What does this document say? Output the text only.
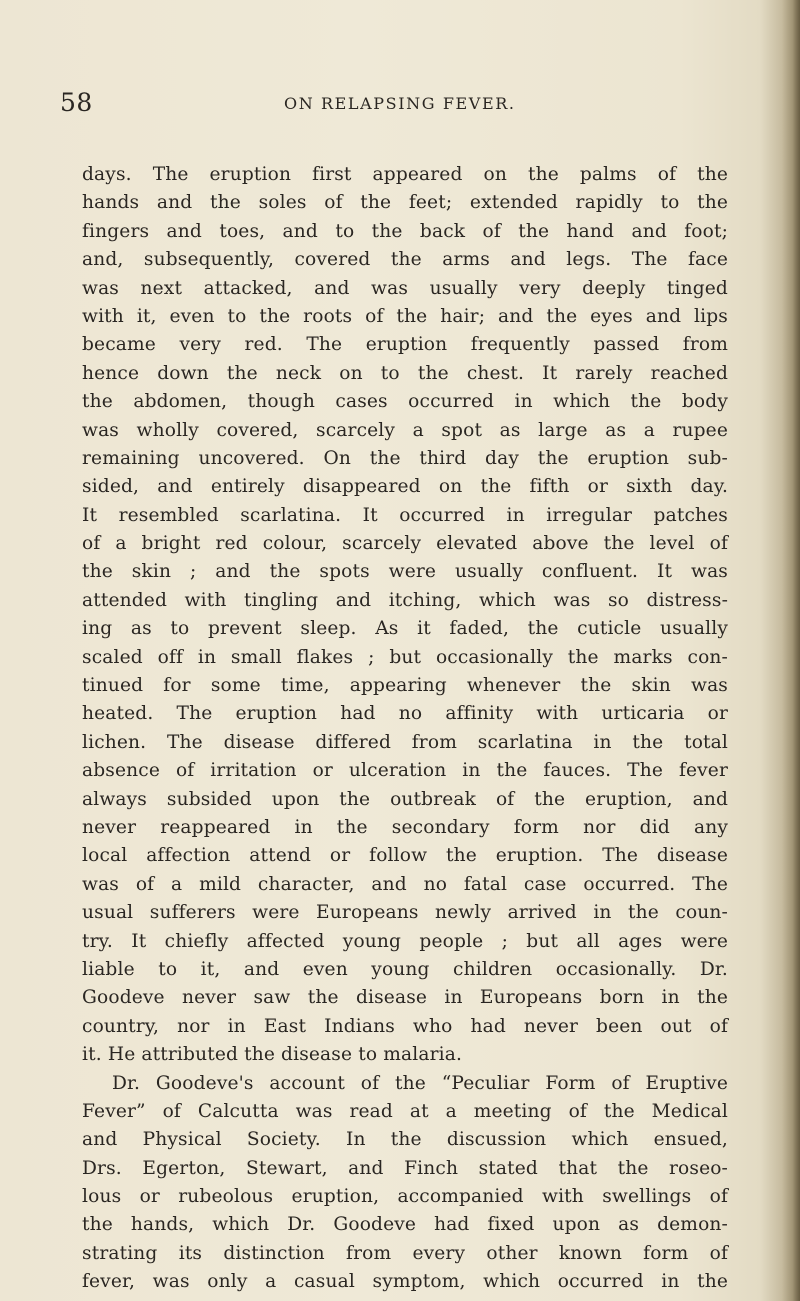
58	ON RELAPSING FEVER.
days. The eruption first appeared on the palms of the
hands and the soles of the feet; extended rapidly to the
fingers and toes, and to the back of the hand and foot;
and, subsequently, covered the arms and legs. The face
was next attacked, and was usually very deeply tinged
with it, even to the roots of the hair; and the eyes and lips
became very red. The eruption frequently passed from
hence down the neck on to the chest. It rarely reached
the abdomen, though cases occurred in which the body
was wholly covered, scarcely a spot as large as a rupee
remaining uncovered. On the third day the eruption sub-
sided, and entirely disappeared on the fifth or sixth day.
It resembled scarlatina. It occurred in irregular patches
of a bright red colour, scarcely elevated above the level of
the skin ; and the spots were usually confluent. It was
attended with tingling and itching, which was so distress-
ing as to prevent sleep. As it faded, the cuticle usually
scaled off in small flakes ; but occasionally the marks con-
tinued for some time, appearing whenever the skin was
heated. The eruption had no affinity with urticaria or
lichen. The disease differed from scarlatina in the total
absence of irritation or ulceration in the fauces. The fever
always subsided upon the outbreak of the eruption, and
never reappeared in the secondary form nor did any
local affection attend or follow the eruption. The disease
was of a mild character, and no fatal case occurred. The
usual sufferers were Europeans newly arrived in the coun-
try. It chiefly affected young people ; but all ages were
liable to it, and even young children occasionally. Dr.
Goodeve never saw the disease in Europeans born in the
country, nor in East Indians who had never been out of
it. He attributed the disease to malaria.
Dr. Goodeve's account of the “Peculiar Form of Eruptive
Fever” of Calcutta was read at a meeting of the Medical
and Physical Society. In the discussion which ensued,
Drs. Egerton, Stewart, and Finch stated that the roseo-
lous or rubeolous eruption, accompanied with swellings of
the hands, which Dr. Goodeve had fixed upon as demon-
strating its distinction from every other known form of
fever, was only a casual symptom, which occurred in the
